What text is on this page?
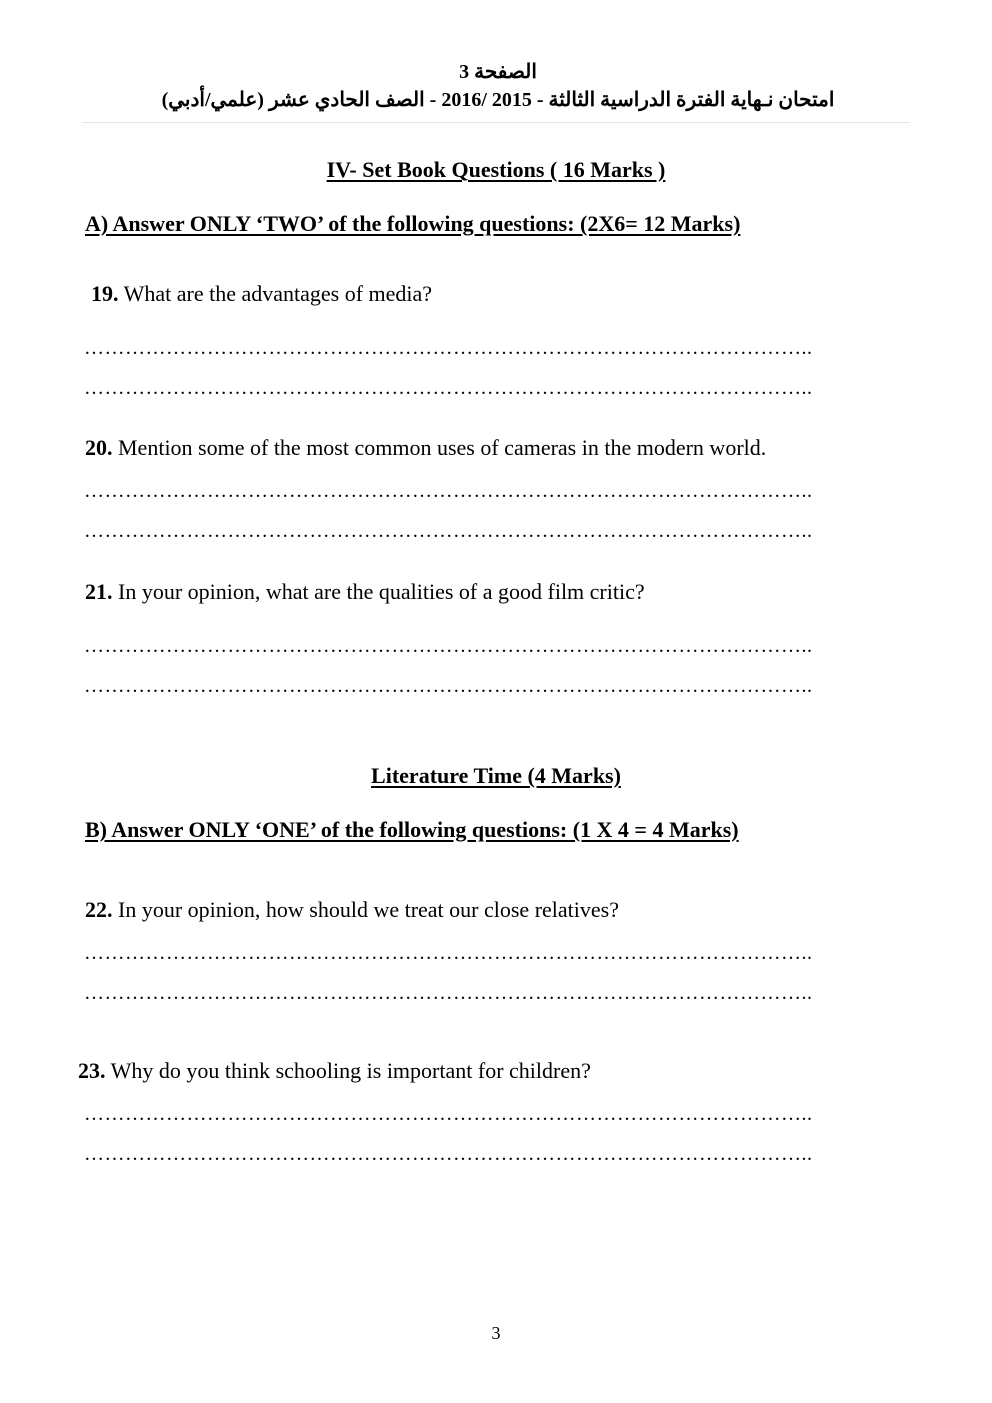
الصفحة 3
امتحان نـهاية الفترة الدراسية الثالثة - 2015 /2016 - الصف الحادي عشر (علمي/أدبي)
IV- Set Book Questions ( 16 Marks )
A) Answer ONLY ‘TWO’ of the following questions: (2X6= 12 Marks)
19. What are the advantages of media?
……………………………………………………………………………………………..
……………………………………………………………………………………………..
20. Mention some of the most common uses of cameras in the modern world.
……………………………………………………………………………………………..
……………………………………………………………………………………………..
21. In your opinion, what are the qualities of a good film critic?
……………………………………………………………………………………………..
……………………………………………………………………………………………..
Literature Time (4 Marks)
B) Answer ONLY ‘ONE’ of the following questions: (1 X 4 = 4 Marks)
22. In your opinion, how should we treat our close relatives?
……………………………………………………………………………………………..
……………………………………………………………………………………………..
23. Why do you think schooling is important for children?
……………………………………………………………………………………………..
……………………………………………………………………………………………..
3
